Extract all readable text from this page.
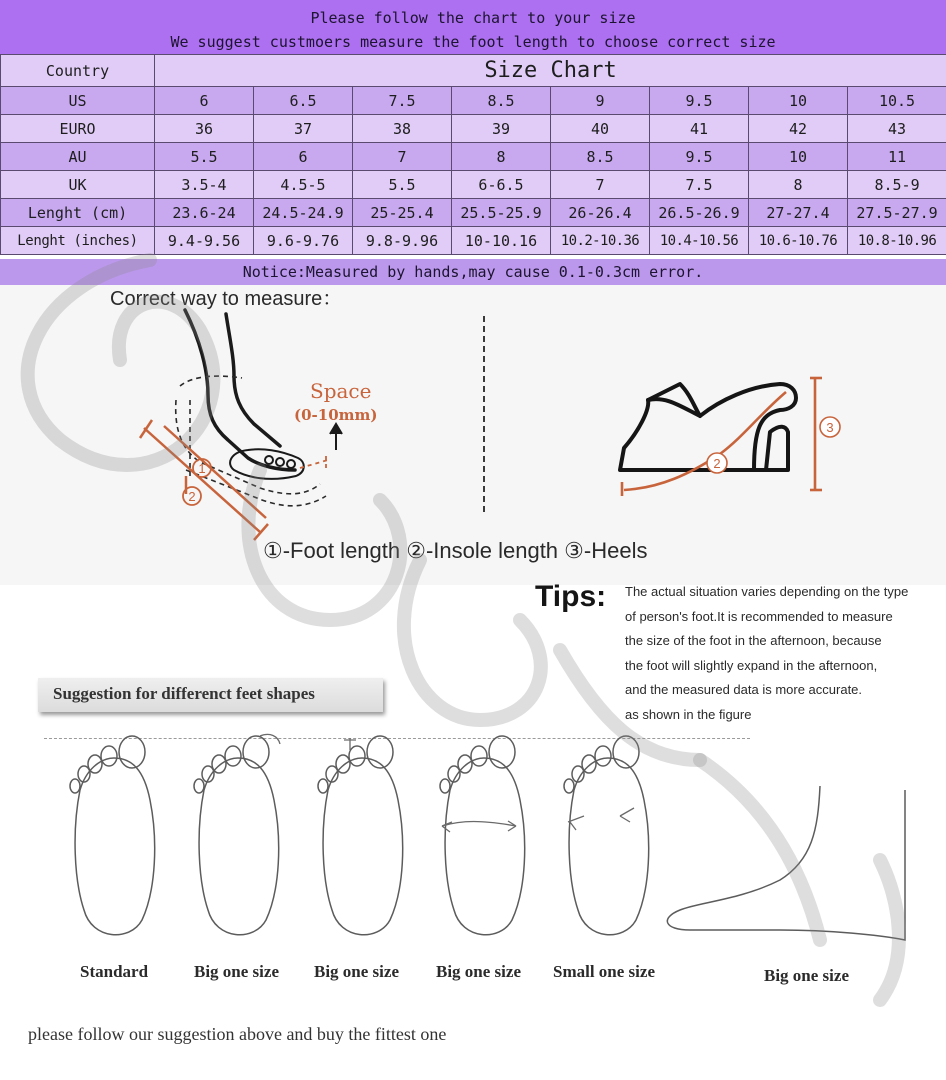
Please follow the chart to your size
We suggest custmoers measure the foot length to choose correct size
Country	Size Chart							
US	6	6.5	7.5	8.5	9	9.5	10	10.5
EURO	36	37	38	39	40	41	42	43
AU	5.5	6	7	8	8.5	9.5	10	11
UK	3.5-4	4.5-5	5.5	6-6.5	7	7.5	8	8.5-9
Lenght (cm)	23.6-24	24.5-24.9	25-25.4	25.5-25.9	26-26.4	26.5-26.9	27-27.4	27.5-27.9
Lenght (inches)	9.4-9.56	9.6-9.76	9.8-9.96	10-10.16	10.2-10.36	10.4-10.56	10.6-10.76	10.8-10.96
Notice:Measured by hands,may cause 0.1-0.3cm error.
Correct way to measure：
1
2
Space
(0-10mm)
2
3
①-Foot length ②-Insole length ③-Heels
Tips: The actual situation varies depending on the type
of person's foot.It is recommended to measure
the size of the foot in the afternoon, because
the foot will slightly expand in the afternoon,
and the measured data is more accurate.
as shown in the figure
Suggestion for differenct feet shapes
Standard	Big one size Big one size Big one size Small one size	Big one size
please follow our suggestion above and buy the fittest one
